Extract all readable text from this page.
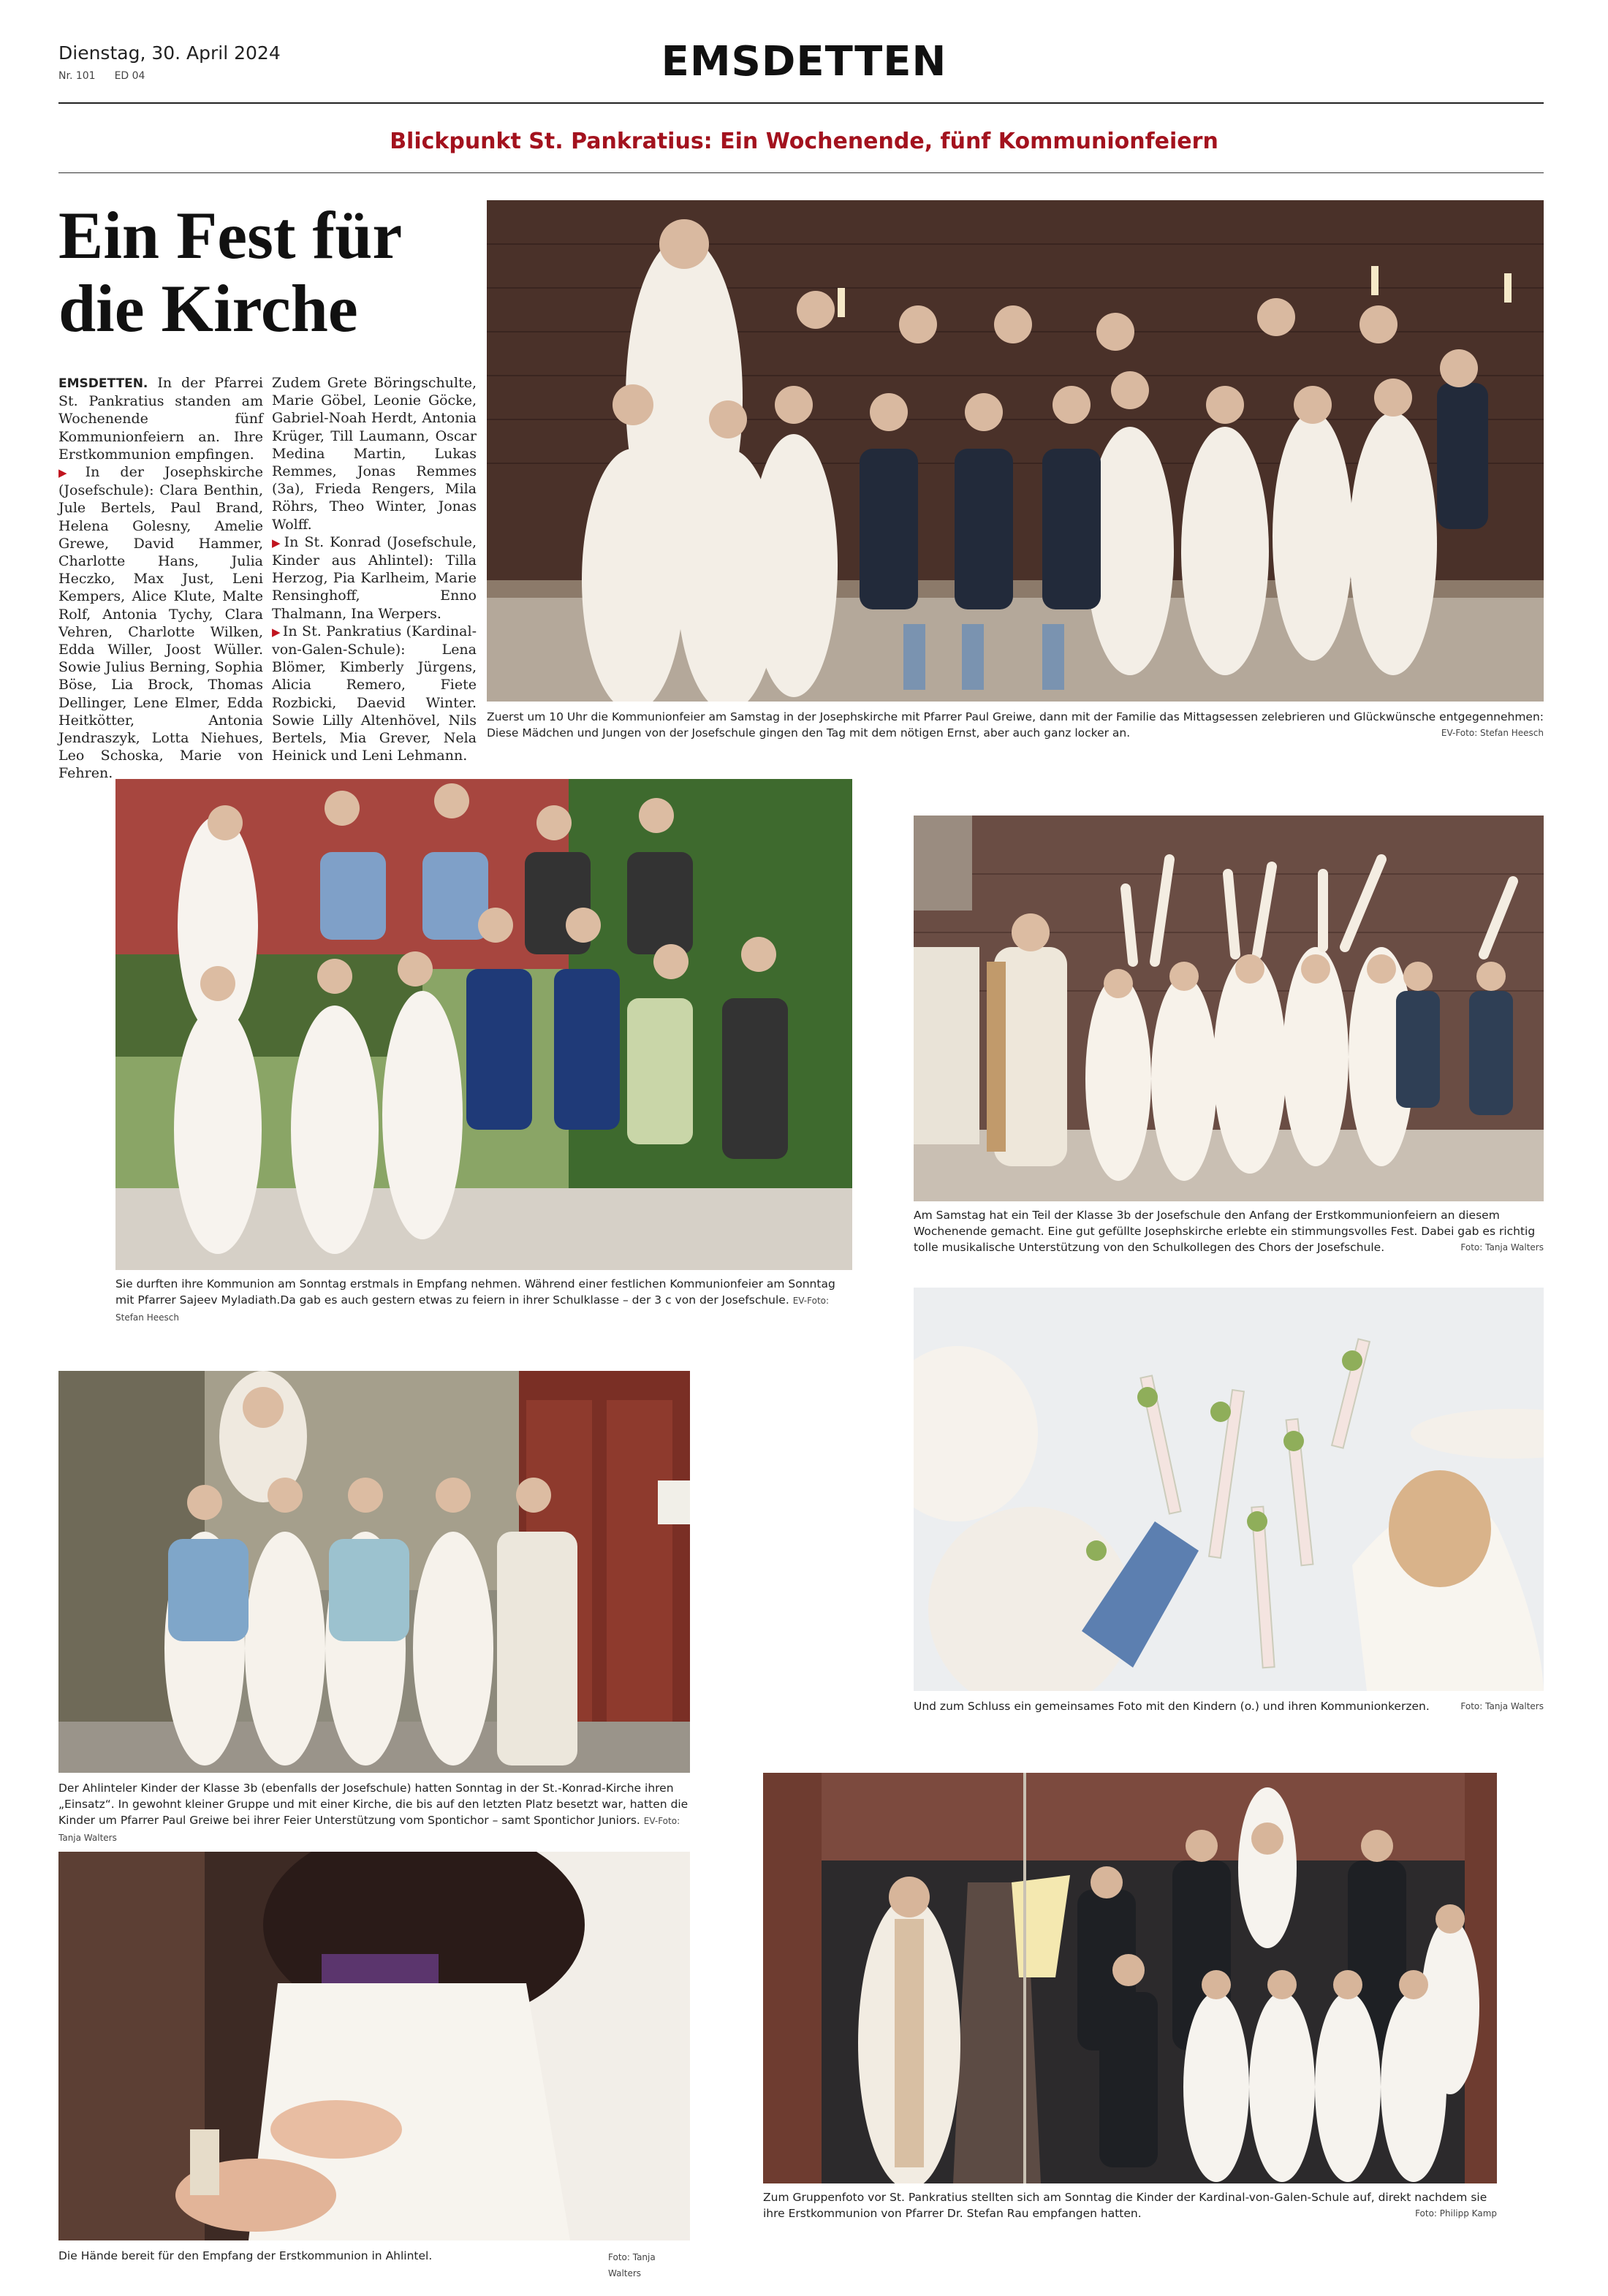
Dienstag, 30. April 2024
Nr. 101 ED 04	EMSDETTEN
Blickpunkt St. Pankratius: Ein Wochenende, fünf Kommunionfeiern
Ein Fest für
die Kirche

EMSDETTEN. In der Pfarrei St. Pankratius standen am Wochenende fünf Kommunionfeiern an. Ihre Erstkommunion empfingen.

▶ In der Josephskirche (Josefschule): Clara Benthin, Jule Bertels, Paul Brand, Helena Golesny, Amelie Grewe, David Hammer, Charlotte Hans, Julia Heczko, Max Just, Leni Kempers, Alice Klute, Malte Rolf, Antonia Tychy, Clara Vehren, Charlotte Wilken, Edda Willer, Joost Wüller. Sowie Julius Berning, Sophia Böse, Lia Brock, Thomas Dellinger, Lene Elmer, Edda Heitkötter, Antonia Jendraszyk, Lotta Niehues, Leo Schoska, Marie von Fehren.

Zudem Grete Böringschulte, Marie Göbel, Leonie Göcke, Gabriel-Noah Herdt, Antonia Krüger, Till Laumann, Oscar Medina Martin, Lukas Remmes, Jonas Remmes (3a), Frieda Rengers, Mila Röhrs, Theo Winter, Jonas Wolff.

▶ In St. Konrad (Josefschule, Kinder aus Ahlintel): Tilla Herzog, Pia Karlheim, Marie Rensinghoff, Enno Thalmann, Ina Werpers.

▶ In St. Pankratius (Kardinal-von-Galen-Schule): Lena Blömer, Kimberly Jürgens, Alicia Remero, Fiete Rozbicki, Daevid Winter. Sowie Lilly Altenhövel, Nils Bertels, Mia Grever, Nela Heinick und Leni Lehmann.

Zuerst um 10 Uhr die Kommunionfeier am Samstag in der Josephskirche mit Pfarrer Paul Greiwe, dann mit der Familie das Mittagsessen zelebrieren und Glückwünsche entgegennehmen: Diese Mädchen und Jungen von der Josefschule gingen den Tag mit dem nötigen Ernst, aber auch ganz locker an.	EV-Foto: Stefan Heesch
Sie durften ihre Kommunion am Sonntag erstmals in Empfang nehmen. Während einer festlichen Kommunionfeier am Sonntag mit Pfarrer Sajeev Myladiath.Da gab es auch gestern etwas zu feiern in ihrer Schulklasse – der 3 c von der Josefschule. EV-Foto: Stefan Heesch
Am Samstag hat ein Teil der Klasse 3b der Josefschule den Anfang der Erstkommunionfeiern an diesem Wochenende gemacht. Eine gut gefüllte Josephskirche erlebte ein stimmungsvolles Fest. Dabei gab es richtig tolle musikalische Unterstützung von den Schulkollegen des Chors der Josefschule.	Foto: Tanja Walters
Und zum Schluss ein gemeinsames Foto mit den Kindern (o.) und ihren Kommunionkerzen.	Foto: Tanja Walters
Der Ahlinteler Kinder der Klasse 3b (ebenfalls der Josefschule) hatten Sonntag in der St.-Konrad-Kirche ihren „Einsatz“. In gewohnt kleiner Gruppe und mit einer Kirche, die bis auf den letzten Platz besetzt war, hatten die Kinder um Pfarrer Paul Greiwe bei ihrer Feier Unterstützung vom Spontichor – samt Spontichor Juniors. EV-Foto: Tanja Walters
Die Hände bereit für den Empfang der Erstkommunion in Ahlintel.	Foto: Tanja Walters
Zum Gruppenfoto vor St. Pankratius stellten sich am Sonntag die Kinder der Kardinal-von-Galen-Schule auf, direkt nachdem sie ihre Erstkommunion von Pfarrer Dr. Stefan Rau empfangen hatten.	Foto: Philipp Kamp
